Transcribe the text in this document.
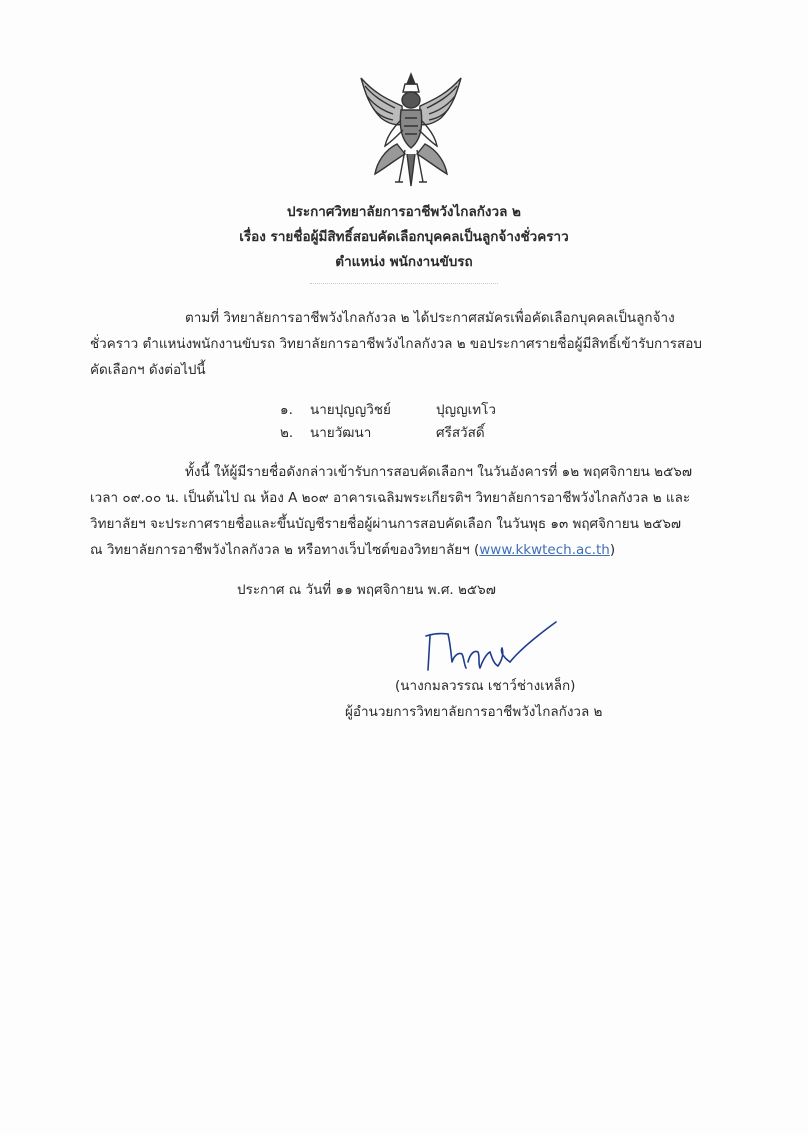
ประกาศวิทยาลัยการอาชีพวังไกลกังวล ๒
เรื่อง รายชื่อผู้มีสิทธิ์สอบคัดเลือกบุคคลเป็นลูกจ้างชั่วคราว
ตำแหน่ง พนักงานขับรถ
ตามที่ วิทยาลัยการอาชีพวังไกลกังวล ๒ ได้ประกาศสมัครเพื่อคัดเลือกบุคคลเป็นลูกจ้าง
ชั่วคราว ตำแหน่งพนักงานขับรถ วิทยาลัยการอาชีพวังไกลกังวล ๒ ขอประกาศรายชื่อผู้มีสิทธิ์เข้ารับการสอบ
คัดเลือกฯ ดังต่อไปนี้
๑. นายปุญญวิชย์	ปุญญเทโว
๒. นายวัฒนา	ศรีสวัสดิ์
ทั้งนี้ ให้ผู้มีรายชื่อดังกล่าวเข้ารับการสอบคัดเลือกฯ ในวันอังคารที่ ๑๒ พฤศจิกายน ๒๕๖๗
เวลา ๐๙.๐๐ น. เป็นต้นไป ณ ห้อง A ๒๐๙ อาคารเฉลิมพระเกียรติฯ วิทยาลัยการอาชีพวังไกลกังวล ๒ และ
วิทยาลัยฯ จะประกาศรายชื่อและขึ้นบัญชีรายชื่อผู้ผ่านการสอบคัดเลือก ในวันพุธ ๑๓ พฤศจิกายน ๒๕๖๗
ณ วิทยาลัยการอาชีพวังไกลกังวล ๒ หรือทางเว็บไซต์ของวิทยาลัยฯ (www.kkwtech.ac.th)
ประกาศ ณ วันที่ ๑๑ พฤศจิกายน พ.ศ. ๒๕๖๗
(นางกมลวรรณ เชาว์ช่างเหล็ก)
ผู้อำนวยการวิทยาลัยการอาชีพวังไกลกังวล ๒
